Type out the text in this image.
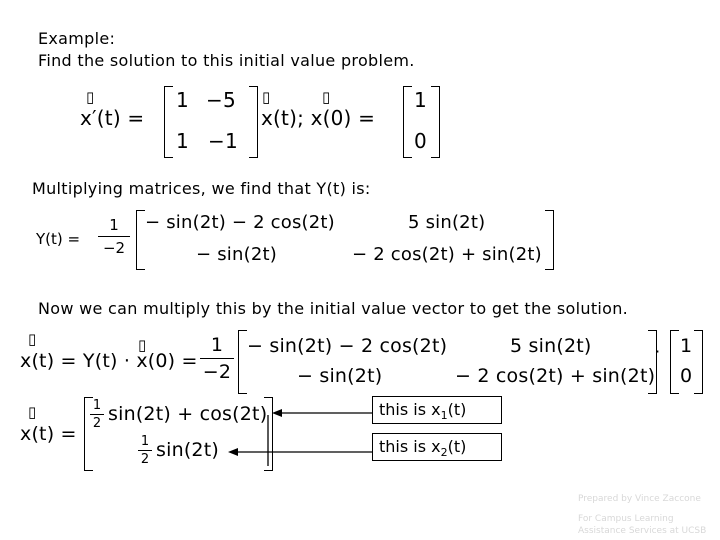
Example:
Find the solution to this initial value problem.
▯
x′(t) =
1 −5
1 −1
▯	▯
x(t); x(0) =
1
0
Multiplying matrices, we find that Y(t) is:
Y(t) =
1
−2
− sin(2t) − 2 cos(2t)	5 sin(2t)
− sin(2t)	− 2 cos(2t) + sin(2t)
Now we can multiply this by the initial value vector to get the solution.
▯	▯
x(t) = Y(t) · x(0) =
1
−2
− sin(2t) − 2 cos(2t)	5 sin(2t)
− sin(2t)	− 2 cos(2t) + sin(2t)
· 1
0
▯
x(t) =
1
2 sin(2t) + cos(2t)
1
2 sin(2t)
this is $x_1(t)$
this is $x_2(t)$
Prepared by Vince Zaccone
For Campus Learning
Assistance Services at UCSB
